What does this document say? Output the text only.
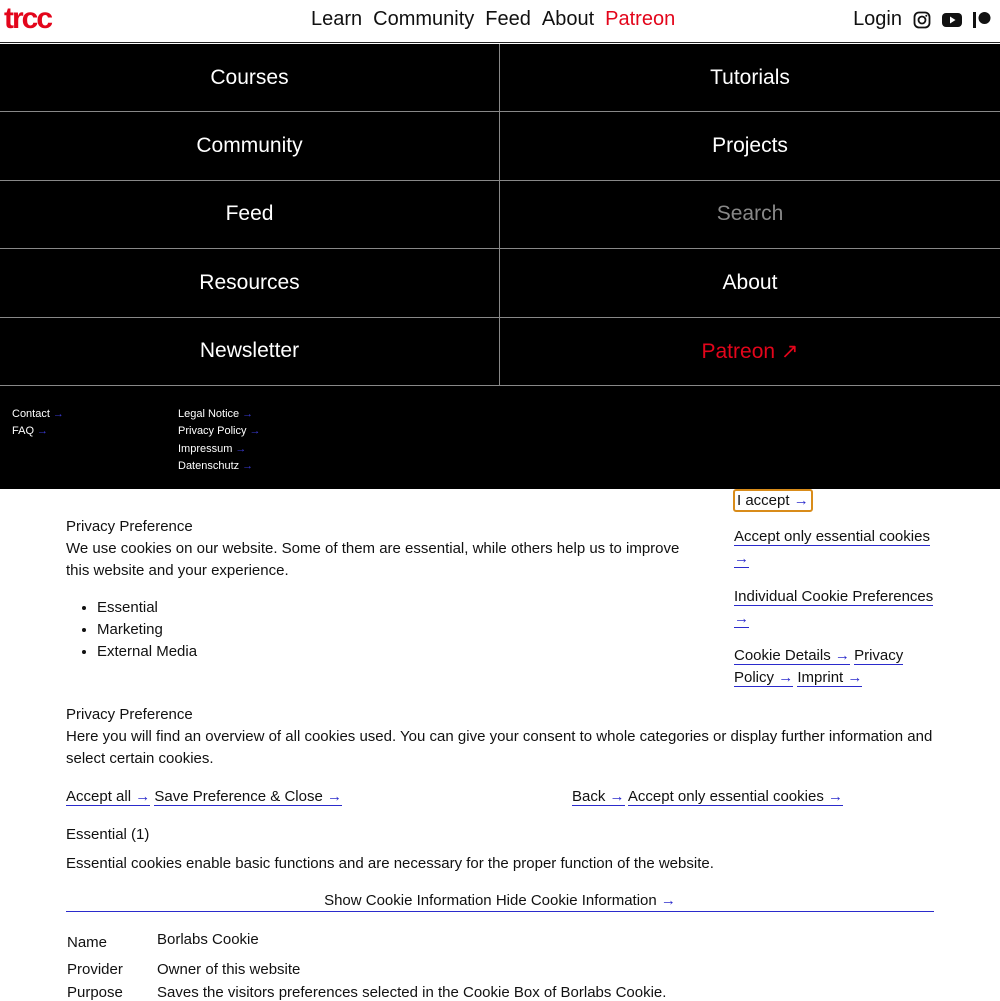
trcc	Learn Community Feed About Patreon	Login
Courses	Tutorials
Community	Projects
Feed	Search
Resources	About
Newsletter	Patreon ↗
Contact →
FAQ →
Legal Notice →
Privacy Policy →
Impressum →
Datenschutz →
I accept →
Accept only essential cookies →
Individual Cookie Preferences →
Cookie Details → Privacy Policy → Imprint →
Privacy Preference
We use cookies on our website. Some of them are essential, while others help us to improve this website and your experience.
• Essential
• Marketing
• External Media
Privacy Preference
Here you will find an overview of all cookies used. You can give your consent to whole categories or display further information and select certain cookies.
Accept all → Save Preference & Close →	Back → Accept only essential cookies →
Essential (1)
Essential cookies enable basic functions and are necessary for the proper function of the website.
Show Cookie Information Hide Cookie Information →
Name	Borlabs Cookie
Provider	Owner of this website
Purpose	Saves the visitors preferences selected in the Cookie Box of Borlabs Cookie.
